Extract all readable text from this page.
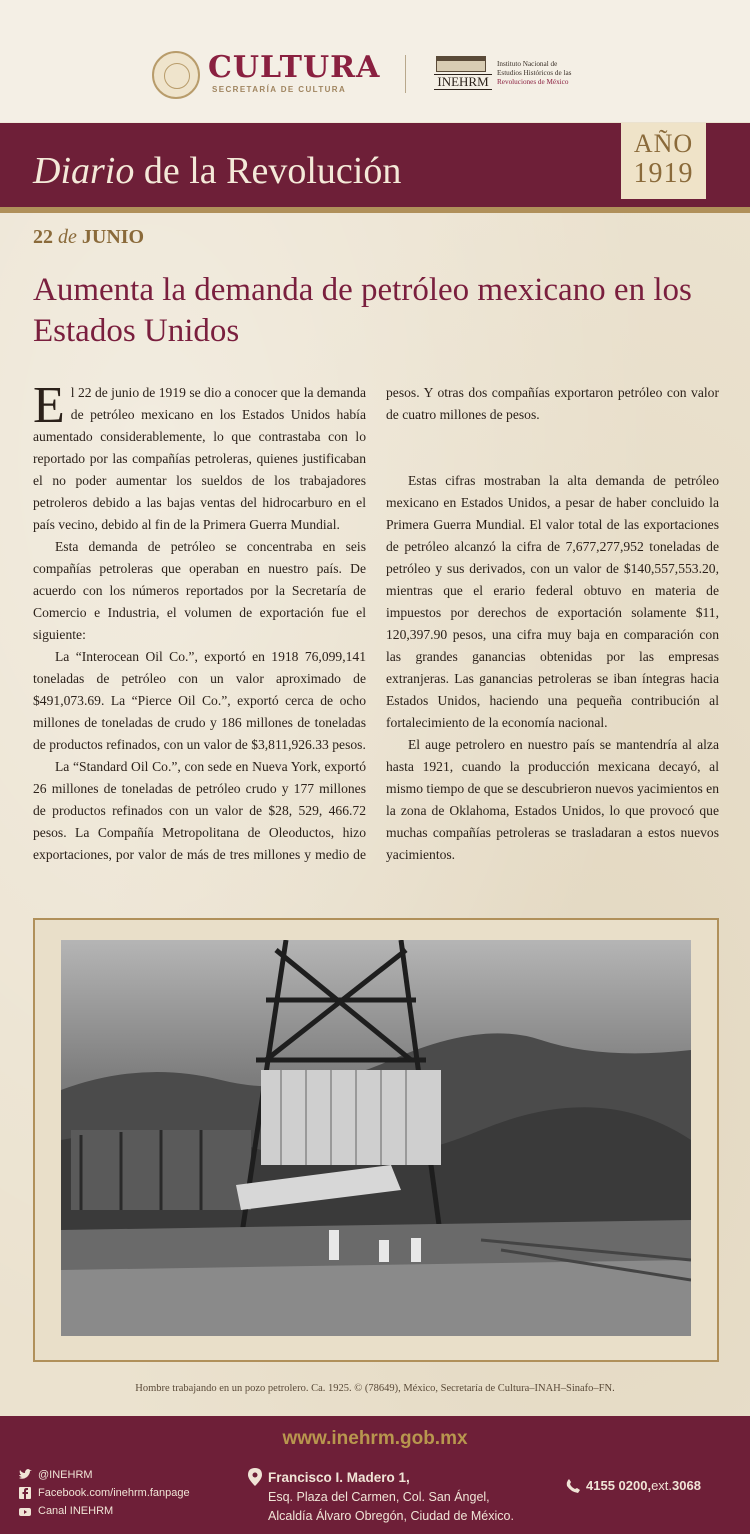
CULTURA
SECRETARÍA DE CULTURA
INEHRM
Instituto Nacional de
Estudios Históricos de las
Revoluciones de México
Diario de la Revolución
AÑO
1919
22 de JUNIO
Aumenta la demanda de petróleo mexicano en los Estados Unidos

El 22 de junio de 1919 se dio a conocer que la demanda de petróleo mexicano en los Estados Unidos había aumentado considerablemente, lo que contrastaba con lo reportado por las compañías petroleras, quienes justificaban el no poder aumentar los sueldos de los trabajadores petroleros debido a las bajas ventas del hidrocarburo en el país vecino, debido al fin de la Primera Guerra Mundial.

Esta demanda de petróleo se concentraba en seis compañías petroleras que operaban en nuestro país. De acuerdo con los números reportados por la Secretaría de Comercio e Industria, el volumen de exportación fue el siguiente:

La “Interocean Oil Co.”, exportó en 1918 76,099,141 toneladas de petróleo con un valor aproximado de $491,073.69. La “Pierce Oil Co.”, exportó cerca de ocho millones de toneladas de crudo y 186 millones de toneladas de productos refinados, con un valor de $3,811,926.33 pesos.

La “Standard Oil Co.”, con sede en Nueva York, exportó 26 millones de toneladas de petróleo crudo y 177 millones de productos refinados con un valor de $28, 529, 466.72 pesos. La Compañía Metropolitana de Oleoductos, hizo exportaciones, por valor de más de tres millones y medio de

pesos. Y otras dos compañías exportaron petróleo con valor de cuatro millones de pesos.

Estas cifras mostraban la alta demanda de petróleo mexicano en Estados Unidos, a pesar de haber concluido la Primera Guerra Mundial. El valor total de las exportaciones de petróleo alcanzó la cifra de 7,677,277,952 toneladas de petróleo y sus derivados, con un valor de $140,557,553.20, mientras que el erario federal obtuvo en materia de impuestos por derechos de exportación solamente $11, 120,397.90 pesos, una cifra muy baja en comparación con las grandes ganancias obtenidas por las empresas extranjeras. Las ganancias petroleras se iban íntegras hacia Estados Unidos, haciendo una pequeña contribución al fortalecimiento de la economía nacional.

El auge petrolero en nuestro país se mantendría al alza hasta 1921, cuando la producción mexicana decayó, al mismo tiempo de que se descubrieron nuevos yacimientos en la zona de Oklahoma, Estados Unidos, lo que provocó que muchas compañías petroleras se trasladaran a estos nuevos yacimientos.

Hombre trabajando en un pozo petrolero. Ca. 1925. © (78649), México, Secretaría de Cultura–INAH–Sinafo–FN.
www.inehrm.gob.mx
@INEHRM
Facebook.com/inehrm.fanpage
Canal INEHRM
Francisco I. Madero 1,
Esq. Plaza del Carmen, Col. San Ángel,
Alcaldía Álvaro Obregón, Ciudad de México.
4155 0200, ext. 3068
